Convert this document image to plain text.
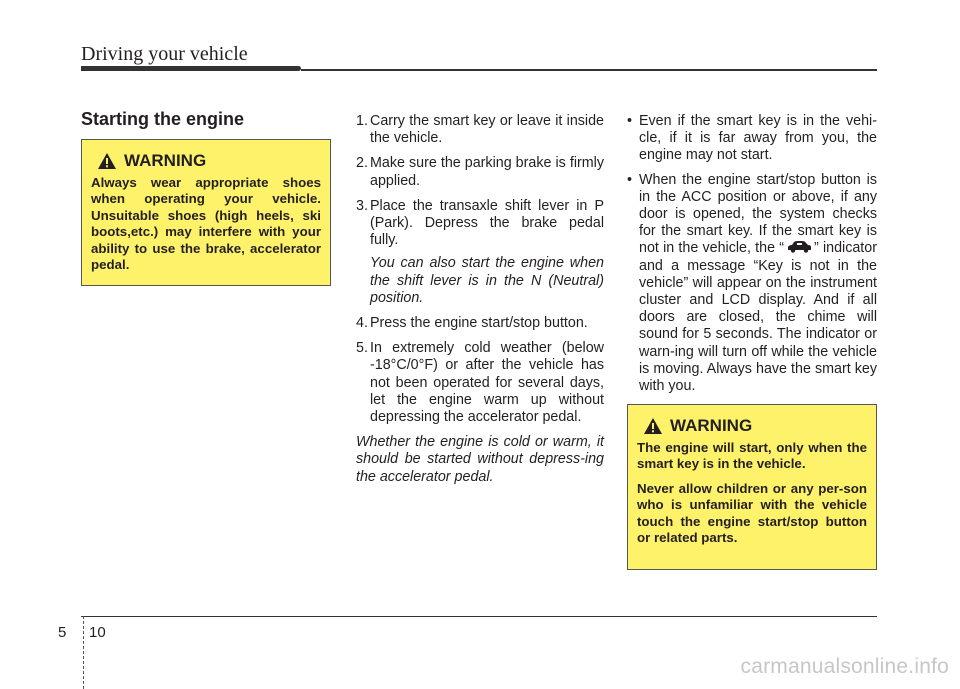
Driving your vehicle
Starting the engine
WARNING

Always wear appropriate shoes when operating your vehicle. Unsuitable shoes (high heels, ski boots,etc.) may interfere with your ability to use the brake, accelerator pedal.

1. Carry the smart key or leave it inside the vehicle.
2. Make sure the parking brake is firmly applied.
3. Place the transaxle shift lever in P (Park). Depress the brake pedal fully.
You can also start the engine when the shift lever is in the N (Neutral) position.
4. Press the engine start/stop button.
5. In extremely cold weather (below -18°C/0°F) or after the vehicle has not been operated for several days, let the engine warm up without depressing the accelerator pedal.

Whether the engine is cold or warm, it should be started without depress-ing the accelerator pedal.

• Even if the smart key is in the vehi-cle, if it is far away from you, the engine may not start.
• When the engine start/stop button is in the ACC position or above, if any door is opened, the system checks for the smart key. If the smart key is not in the vehicle, the “ ” indicator and a message “Key is not in the vehicle” will appear on the instrument cluster and LCD display. And if all doors are closed, the chime will sound for 5 seconds. The indicator or warn-ing will turn off while the vehicle is moving. Always have the smart key with you.
WARNING

The engine will start, only when the smart key is in the vehicle.

Never allow children or any per-son who is unfamiliar with the vehicle touch the engine start/stop button or related parts.

5 10
carmanualsonline.info
